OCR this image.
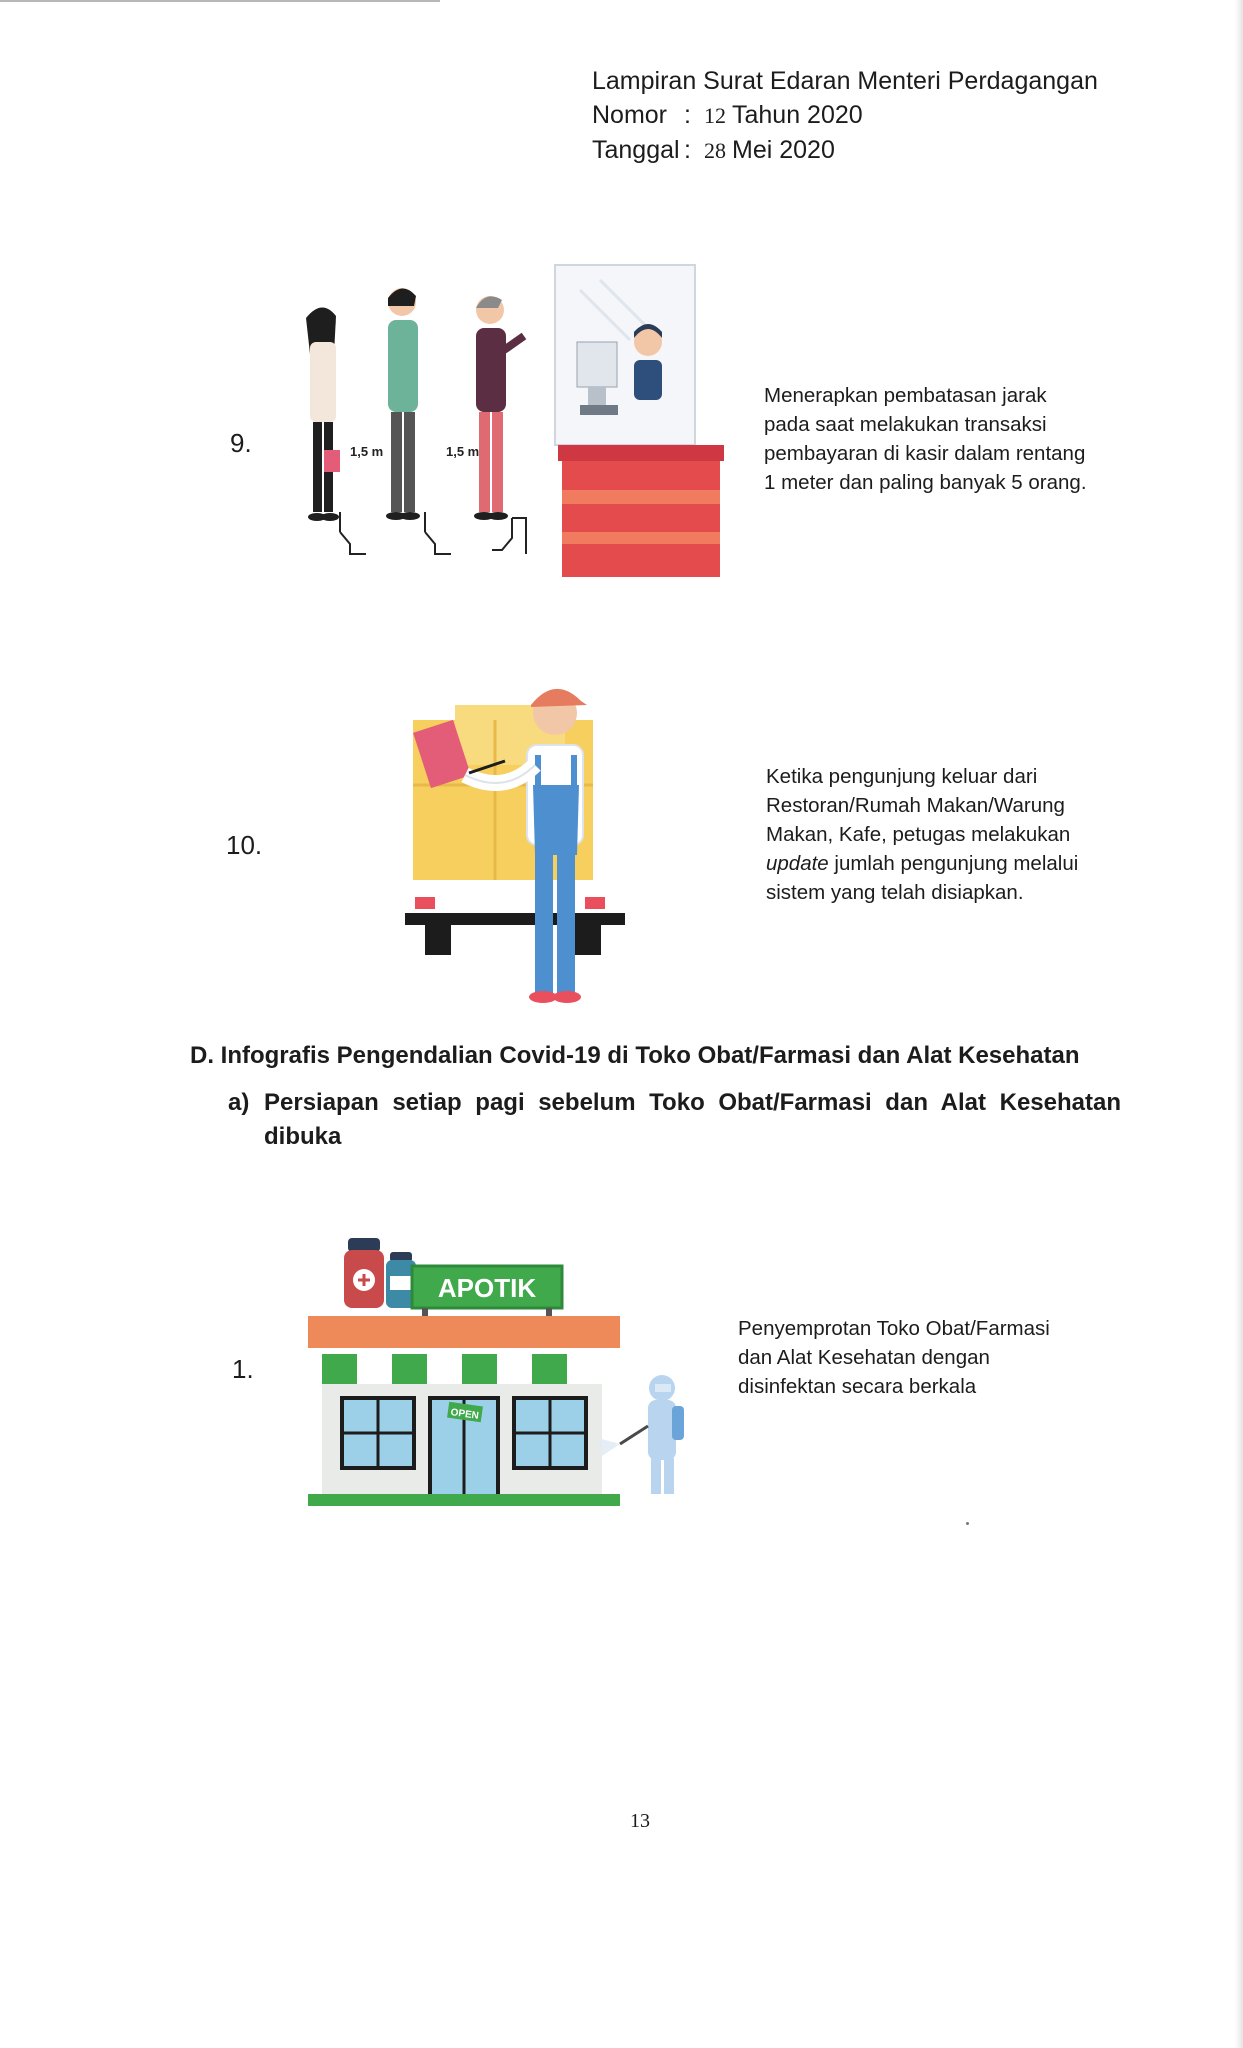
Lampiran Surat Edaran Menteri Perdagangan
Nomor : 12 Tahun 2020
Tanggal : 28 Mei 2020
9.	1,5 m	1,5 m
Menerapkan pembatasan jarak
pada saat melakukan transaksi
pembayaran di kasir dalam rentang
1 meter dan paling banyak 5 orang.
10.
Ketika pengunjung keluar dari
Restoran/Rumah Makan/Warung
Makan, Kafe, petugas melakukan
update jumlah pengunjung melalui
sistem yang telah disiapkan.
D. Infografis Pengendalian Covid-19 di Toko Obat/Farmasi dan Alat Kesehatan
a) Persiapan setiap pagi sebelum Toko Obat/Farmasi dan Alat Kesehatan dibuka
1.
APOTIK
OPEN
Penyemprotan Toko Obat/Farmasi
dan Alat Kesehatan dengan
disinfektan secara berkala
13
